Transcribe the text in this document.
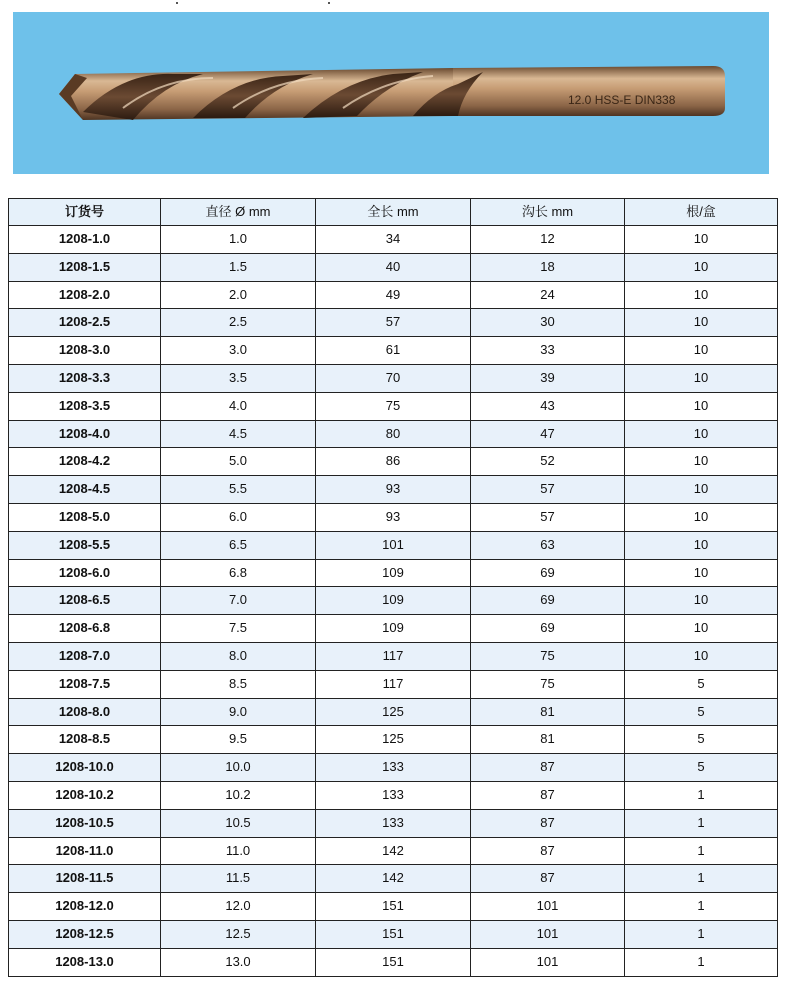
12.0 HSS-E DIN338
订货号	直径 Ø mm	全长 mm	沟长 mm	根/盒
1208-1.0	1.0	34	12	10
1208-1.5	1.5	40	18	10
1208-2.0	2.0	49	24	10
1208-2.5	2.5	57	30	10
1208-3.0	3.0	61	33	10
1208-3.3	3.5	70	39	10
1208-3.5	4.0	75	43	10
1208-4.0	4.5	80	47	10
1208-4.2	5.0	86	52	10
1208-4.5	5.5	93	57	10
1208-5.0	6.0	93	57	10
1208-5.5	6.5	101	63	10
1208-6.0	6.8	109	69	10
1208-6.5	7.0	109	69	10
1208-6.8	7.5	109	69	10
1208-7.0	8.0	117	75	10
1208-7.5	8.5	117	75	5
1208-8.0	9.0	125	81	5
1208-8.5	9.5	125	81	5
1208-10.0	10.0	133	87	5
1208-10.2	10.2	133	87	1
1208-10.5	10.5	133	87	1
1208-11.0	11.0	142	87	1
1208-11.5	11.5	142	87	1
1208-12.0	12.0	151	101	1
1208-12.5	12.5	151	101	1
1208-13.0	13.0	151	101	1
